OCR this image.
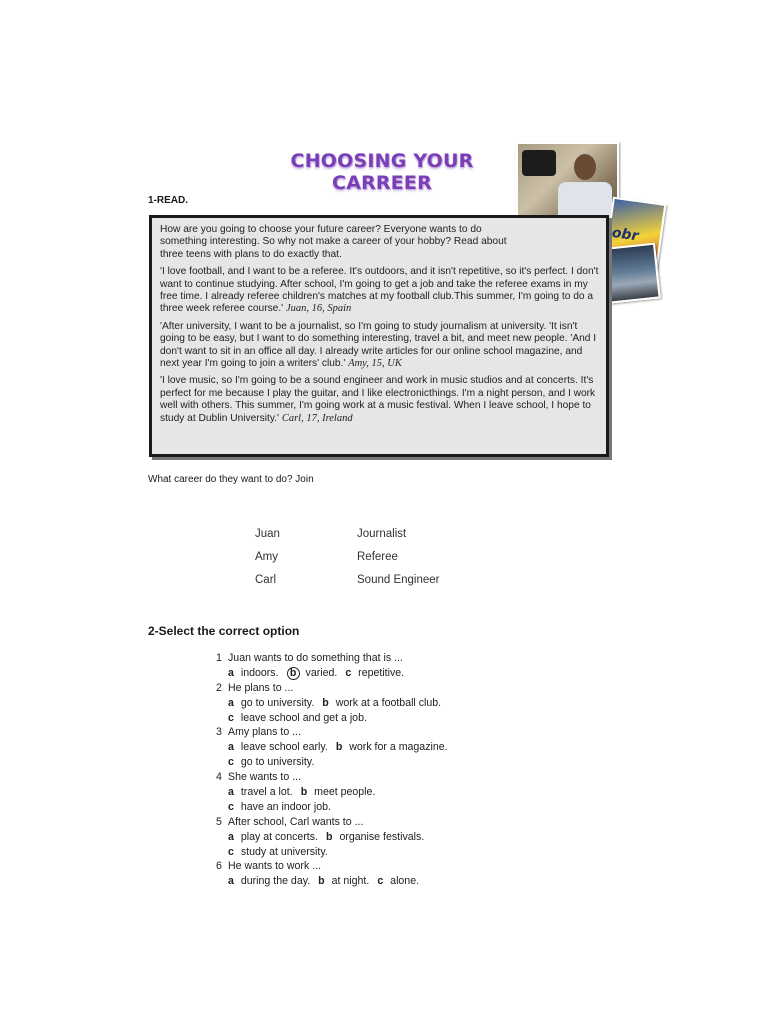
CHOOSING YOUR CARREER
obr
1-READ.

How are you going to choose your future career? Everyone wants to do something interesting. So why not make a career of your hobby? Read about three teens with plans to do exactly that.

'I love football, and I want to be a referee. It's outdoors, and it isn't repetitive, so it's perfect. I don't want to continue studying. After school, I'm going to get a job and take the referee exams in my free time. I already referee children's matches at my football club.This summer, I'm going to do a three week referee course.' Juan, 16, Spain

'After university, I want to be a journalist, so I'm going to study journalism at university. 'It isn't going to be easy, but I want to do something interesting, travel a bit, and meet new people. 'And I don't want to sit in an office all day. I already write articles for our online school magazine, and next year I'm going to join a writers' club.' Amy, 15, UK

'I love music, so I'm going to be a sound engineer and work in music studios and at concerts. It's perfect for me because I play the guitar, and I like electronicthings. I'm a night person, and I work well with others. This summer, I'm going work at a music festival. When I leave school, I hope to study at Dublin University.' Carl, 17, Ireland

What career do they want to do? Join
Juan	Journalist
Amy	Referee
Carl	Sound Engineer
2-Select the correct option
1 Juan wants to do something that is ...
a indoors. b varied. c repetitive.
2 He plans to ...
a go to university. b work at a football club.
c leave school and get a job.
3 Amy plans to ...
a leave school early. b work for a magazine.
c go to university.
4 She wants to ...
a travel a lot. b meet people.
c have an indoor job.
5 After school, Carl wants to ...
a play at concerts. b organise festivals.
c study at university.
6 He wants to work ...
a during the day. b at night. c alone.
